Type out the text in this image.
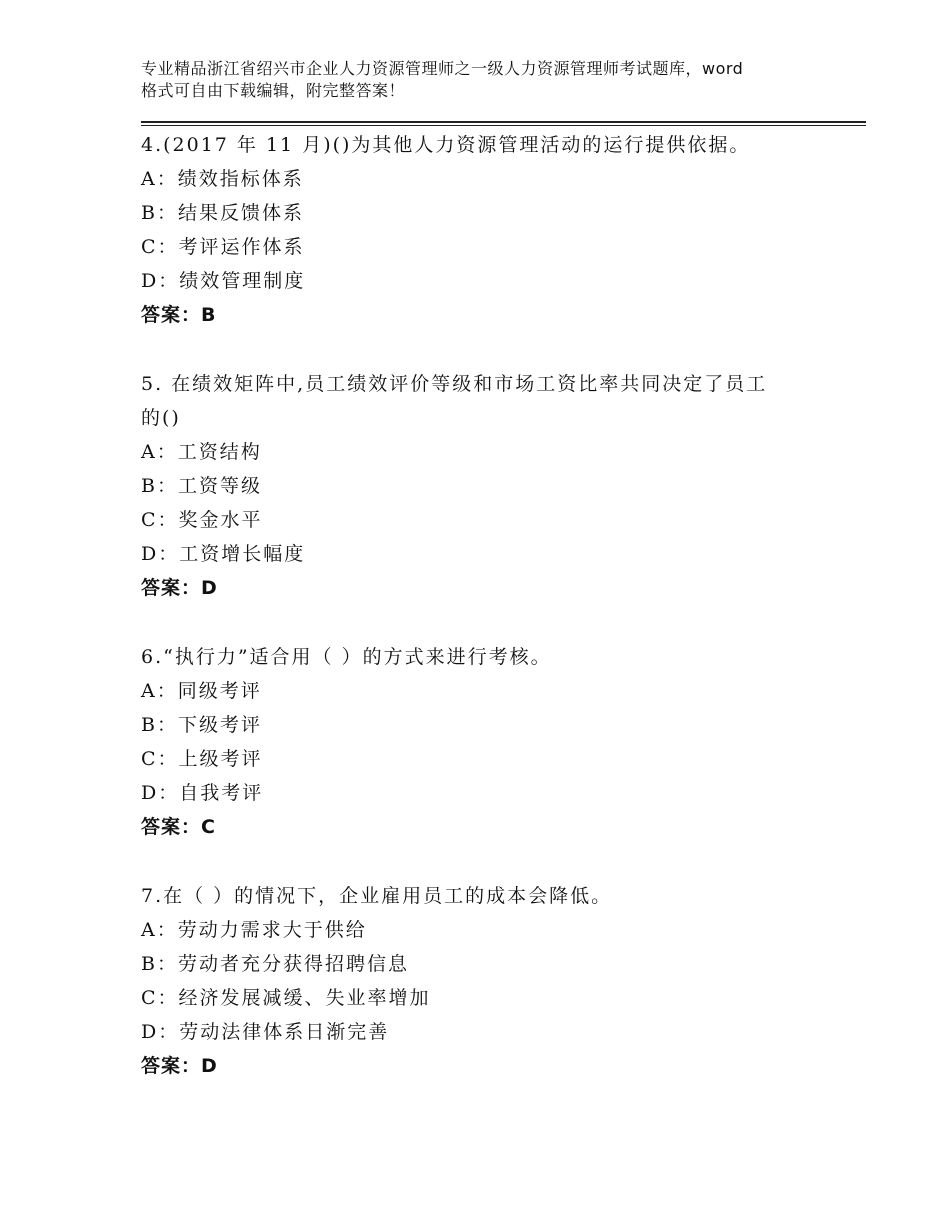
专业精品浙江省绍兴市企业人力资源管理师之一级人力资源管理师考试题库，word
格式可自由下载编辑，附完整答案！
4.(2017 年 11 月)()为其他人力资源管理活动的运行提供依据。
A：绩效指标体系
B：结果反馈体系
C：考评运作体系
D：绩效管理制度
答案：B
5. 在绩效矩阵中,员工绩效评价等级和市场工资比率共同决定了员工
的()
A：工资结构
B：工资等级
C：奖金水平
D：工资增长幅度
答案：D
6.“执行力”适合用（ ）的方式来进行考核。
A：同级考评
B：下级考评
C：上级考评
D：自我考评
答案：C
7.在（ ）的情况下，企业雇用员工的成本会降低。
A：劳动力需求大于供给
B：劳动者充分获得招聘信息
C：经济发展减缓、失业率增加
D：劳动法律体系日渐完善
答案：D
